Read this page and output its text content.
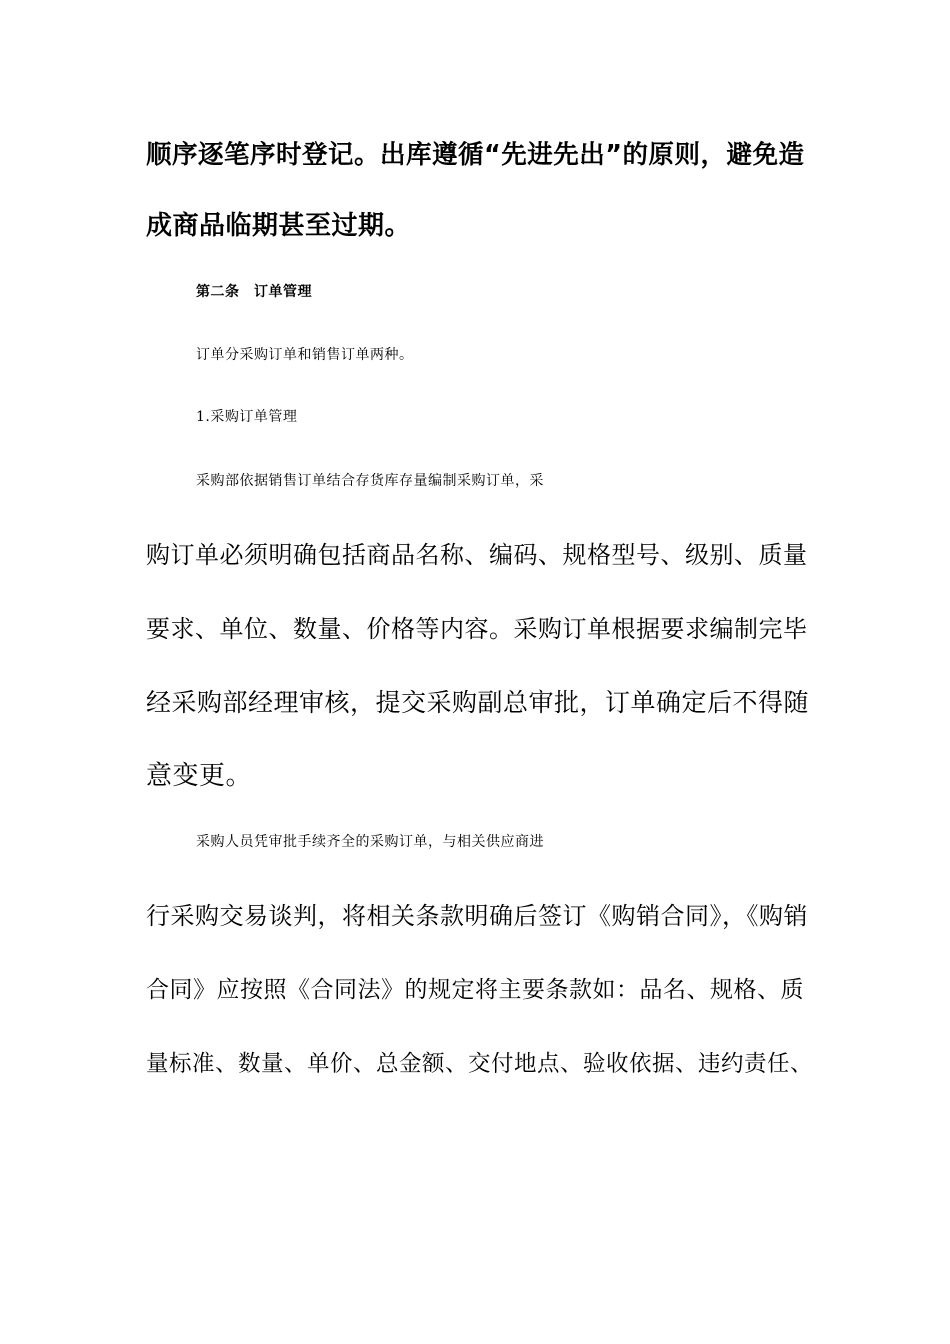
顺序逐笔序时登记。出库遵循“先进先出”的原则，避免造
成商品临期甚至过期。
第二条　订单管理
订单分采购订单和销售订单两种。
1.采购订单管理
采购部依据销售订单结合存货库存量编制采购订单，采
购订单必须明确包括商品名称、编码、规格型号、级别、质量
要求、单位、数量、价格等内容。采购订单根据要求编制完毕
经采购部经理审核，提交采购副总审批，订单确定后不得随
意变更。
采购人员凭审批手续齐全的采购订单，与相关供应商进
行采购交易谈判，将相关条款明确后签订《购销合同》，《购销
合同》应按照《合同法》的规定将主要条款如：品名、规格、质
量标准、数量、单价、总金额、交付地点、验收依据、违约责任、
